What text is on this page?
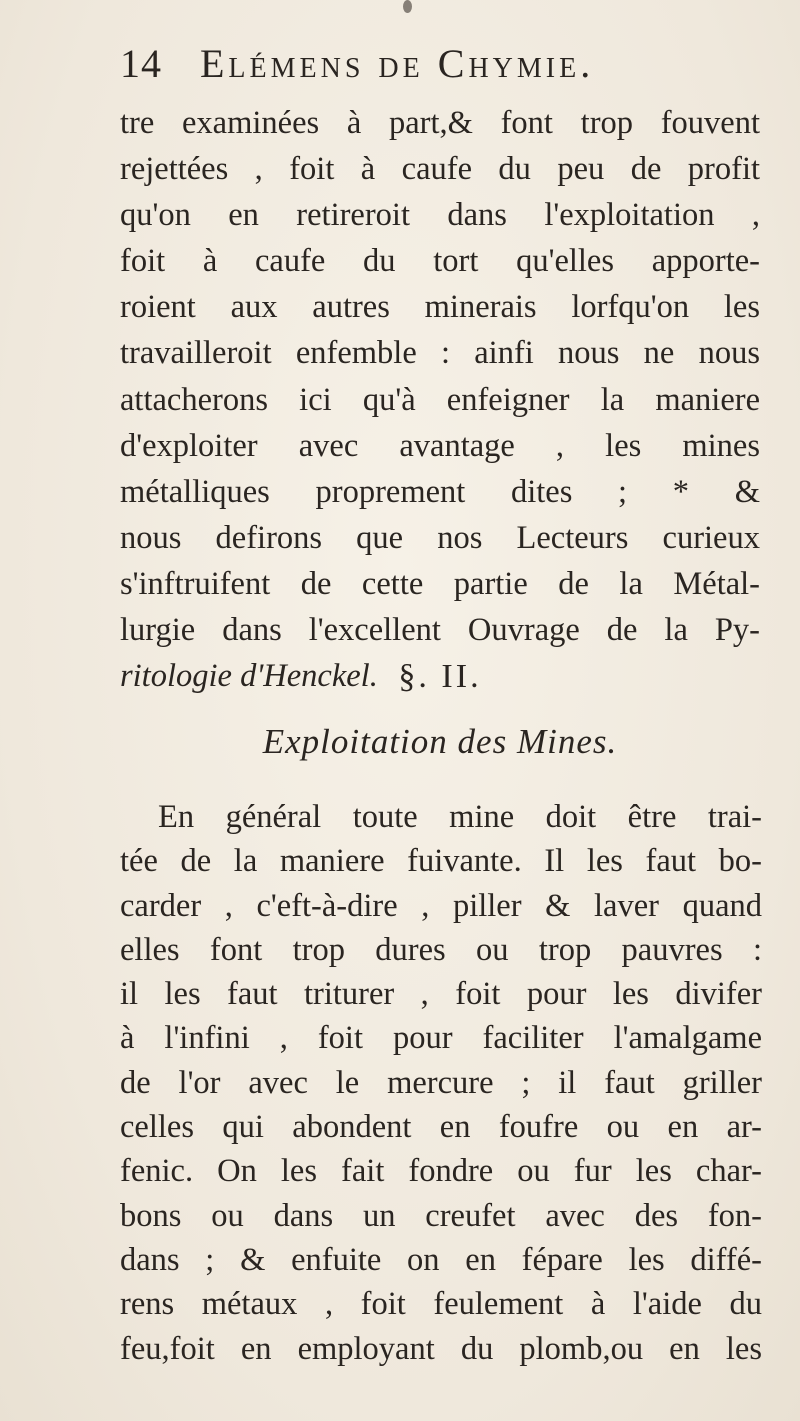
14 Elémens de Chymie.
tre examinées à part,& font trop fouvent
rejettées , foit à caufe du peu de profit
qu'on en retireroit dans l'exploitation ,
foit à caufe du tort qu'elles apporte-
roient aux autres minerais lorfqu'on les
travailleroit enfemble : ainfi nous ne nous
attacherons ici qu'à enfeigner la maniere
d'exploiter avec avantage , les mines
métalliques proprement dites ; * &
nous defirons que nos Lecteurs curieux
s'inftruifent de cette partie de la Métal-
lurgie dans l'excellent Ouvrage de la Py-
ritologie d'Henckel. §. II.
Exploitation des Mines.
En général toute mine doit être trai-
tée de la maniere fuivante. Il les faut bo-
carder , c'eft-à-dire , piller & laver quand
elles font trop dures ou trop pauvres :
il les faut triturer , foit pour les divifer
à l'infini , foit pour faciliter l'amalgame
de l'or avec le mercure ; il faut griller
celles qui abondent en foufre ou en ar-
fenic. On les fait fondre ou fur les char-
bons ou dans un creufet avec des fon-
dans ; & enfuite on en fépare les diffé-
rens métaux , foit feulement à l'aide du
feu,foit en employant du plomb,ou en les
